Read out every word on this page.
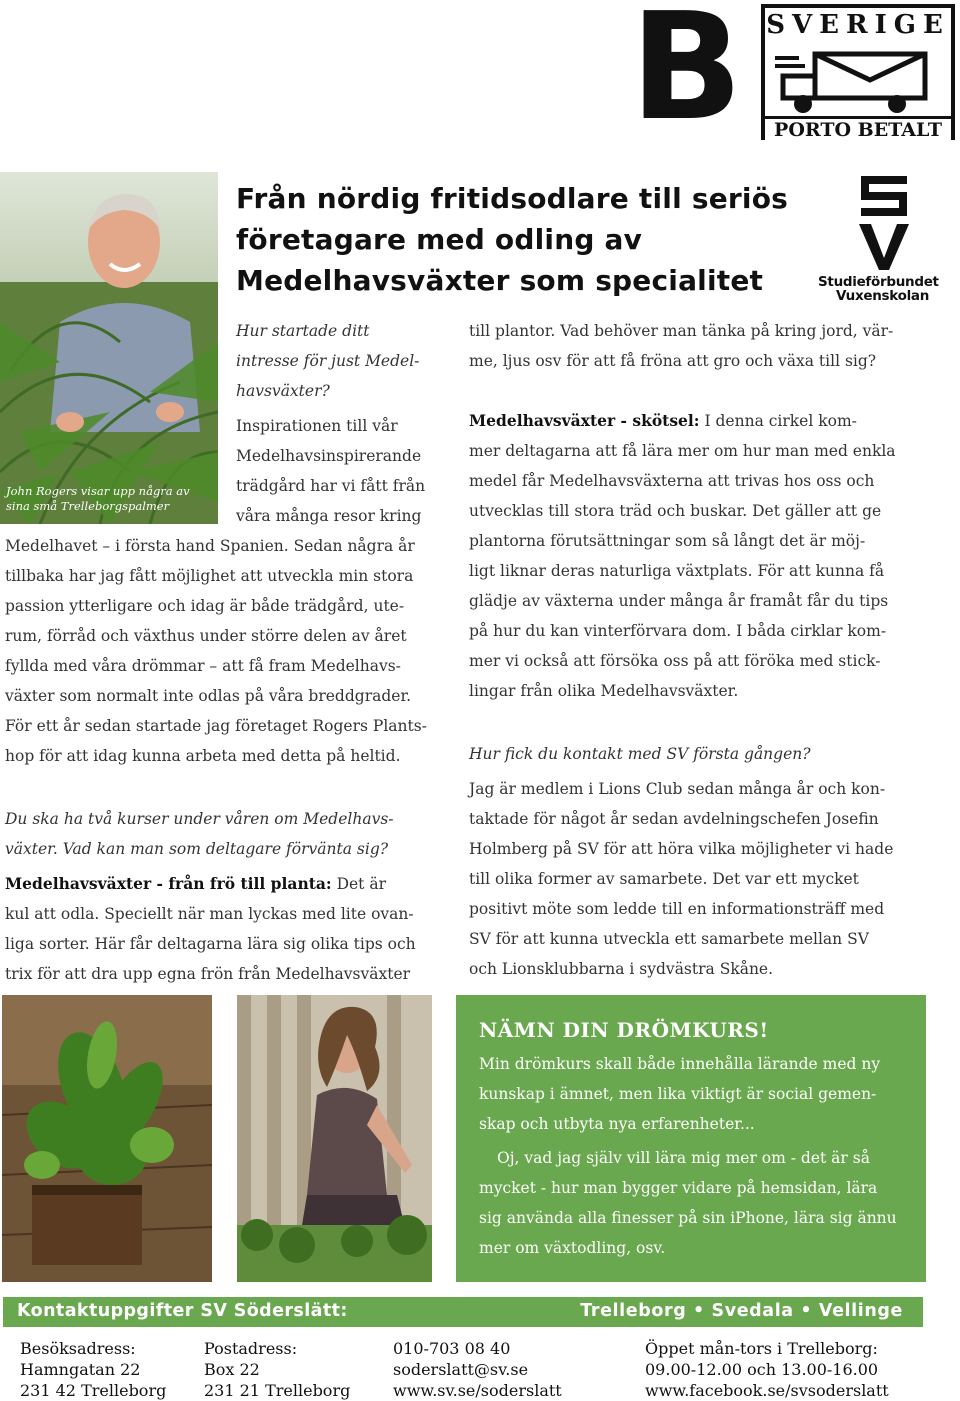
B SVERIGE
PORTO BETALT
Studieförbundet
Vuxenskolan
Från nördig fritidsodlare till seriös
företagare med odling av
Medelhavsväxter som specialitet
John Rogers visar upp några av
sina små Trelleborgspalmer
Hur startade ditt
intresse för just Medel-
havsväxter?
Inspirationen till vår
Medelhavsinspirerande
trädgård har vi fått från
våra många resor kring
Medelhavet – i första hand Spanien. Sedan några år
tillbaka har jag fått möjlighet att utveckla min stora
passion ytterligare och idag är både trädgård, ute-
rum, förråd och växthus under större delen av året
fyllda med våra drömmar – att få fram Medelhavs-
växter som normalt inte odlas på våra breddgrader.
För ett år sedan startade jag företaget Rogers Plants-
hop för att idag kunna arbeta med detta på heltid.
Du ska ha två kurser under våren om Medelhavs-
växter. Vad kan man som deltagare förvänta sig?
Medelhavsväxter - från frö till planta: Det är
kul att odla. Speciellt när man lyckas med lite ovan-
liga sorter. Här får deltagarna lära sig olika tips och
trix för att dra upp egna frön från Medelhavsväxter
till plantor. Vad behöver man tänka på kring jord, vär-
me, ljus osv för att få fröna att gro och växa till sig?
Medelhavsväxter - skötsel: I denna cirkel kom-
mer deltagarna att få lära mer om hur man med enkla
medel får Medelhavsväxterna att trivas hos oss och
utvecklas till stora träd och buskar. Det gäller att ge
plantorna förutsättningar som så långt det är möj-
ligt liknar deras naturliga växtplats. För att kunna få
glädje av växterna under många år framåt får du tips
på hur du kan vinterförvara dom. I båda cirklar kom-
mer vi också att försöka oss på att föröka med stick-
lingar från olika Medelhavsväxter.
Hur fick du kontakt med SV första gången?
Jag är medlem i Lions Club sedan många år och kon-
taktade för något år sedan avdelningschefen Josefin
Holmberg på SV för att höra vilka möjligheter vi hade
till olika former av samarbete. Det var ett mycket
positivt möte som ledde till en informationsträff med
SV för att kunna utveckla ett samarbete mellan SV
och Lionsklubbarna i sydvästra Skåne.
NÄMN DIN DRÖMKURS!
Min drömkurs skall både innehålla lärande med ny
kunskap i ämnet, men lika viktigt är social gemen-
skap och utbyta nya erfarenheter...
Oj, vad jag själv vill lära mig mer om - det är så
mycket - hur man bygger vidare på hemsidan, lära
sig använda alla finesser på sin iPhone, lära sig ännu
mer om växtodling, osv.
Kontaktuppgifter SV Söderslätt:	Trelleborg • Svedala • Vellinge
Besöksadress:
Hamngatan 22
231 42 Trelleborg
Postadress:
Box 22
231 21 Trelleborg
010-703 08 40
soderslatt@sv.se
www.sv.se/soderslatt
Öppet mån-tors i Trelleborg:
09.00-12.00 och 13.00-16.00
www.facebook.se/svsoderslatt
